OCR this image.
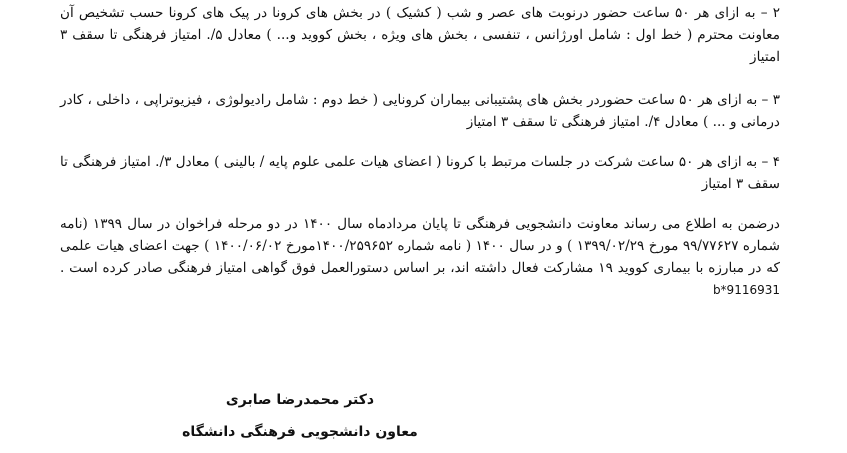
۲ – به ازای هر ۵۰ ساعت حضور درنوبت های عصر و شب ( کشیک ) در بخش های کرونا در پیک های کرونا حسب تشخیص آن معاونت محترم ( خط اول : شامل اورژانس ، تنفسی ، بخش های ویژه ، بخش کووید و... ) معادل ۵/. امتیاز فرهنگی تا سقف ۳ امتیاز

۳ – به ازای هر ۵۰ ساعت حضوردر بخش های پشتیبانی بیماران کرونایی ( خط دوم : شامل رادیولوژی ، فیزیوتراپی ، داخلی ، کادر درمانی و ... ) معادل ۴/. امتیاز فرهنگی تا سقف ۳ امتیاز

۴ – به ازای هر ۵۰ ساعت شرکت در جلسات مرتبط با کرونا ( اعضای هیات علمی علوم پایه / بالینی ) معادل ۳/. امتیاز فرهنگی تا سقف ۳ امتیاز

درضمن به اطلاع می رساند معاونت دانشجویی فرهنگی تا پایان مردادماه سال ۱۴۰۰ در دو مرحله فراخوان در سال ۱۳۹۹ (نامه شماره ۹۹/۷۷۶۲۷ مورخ ۱۳۹۹/۰۲/۲۹ ) و در سال ۱۴۰۰ ( نامه شماره ۱۴۰۰/۲۵۹۶۵۲مورخ ۱۴۰۰/۰۶/۰۲ ) جهت اعضای هیات علمی که در مبارزه با بیماری کووید ۱۹ مشارکت فعال داشته اند، بر اساس دستورالعمل فوق گواهی امتیاز فرهنگی صادر کرده است . b*9116931

دکتر محمدرضا صابری

معاون دانشجویی فرهنگی دانشگاه
